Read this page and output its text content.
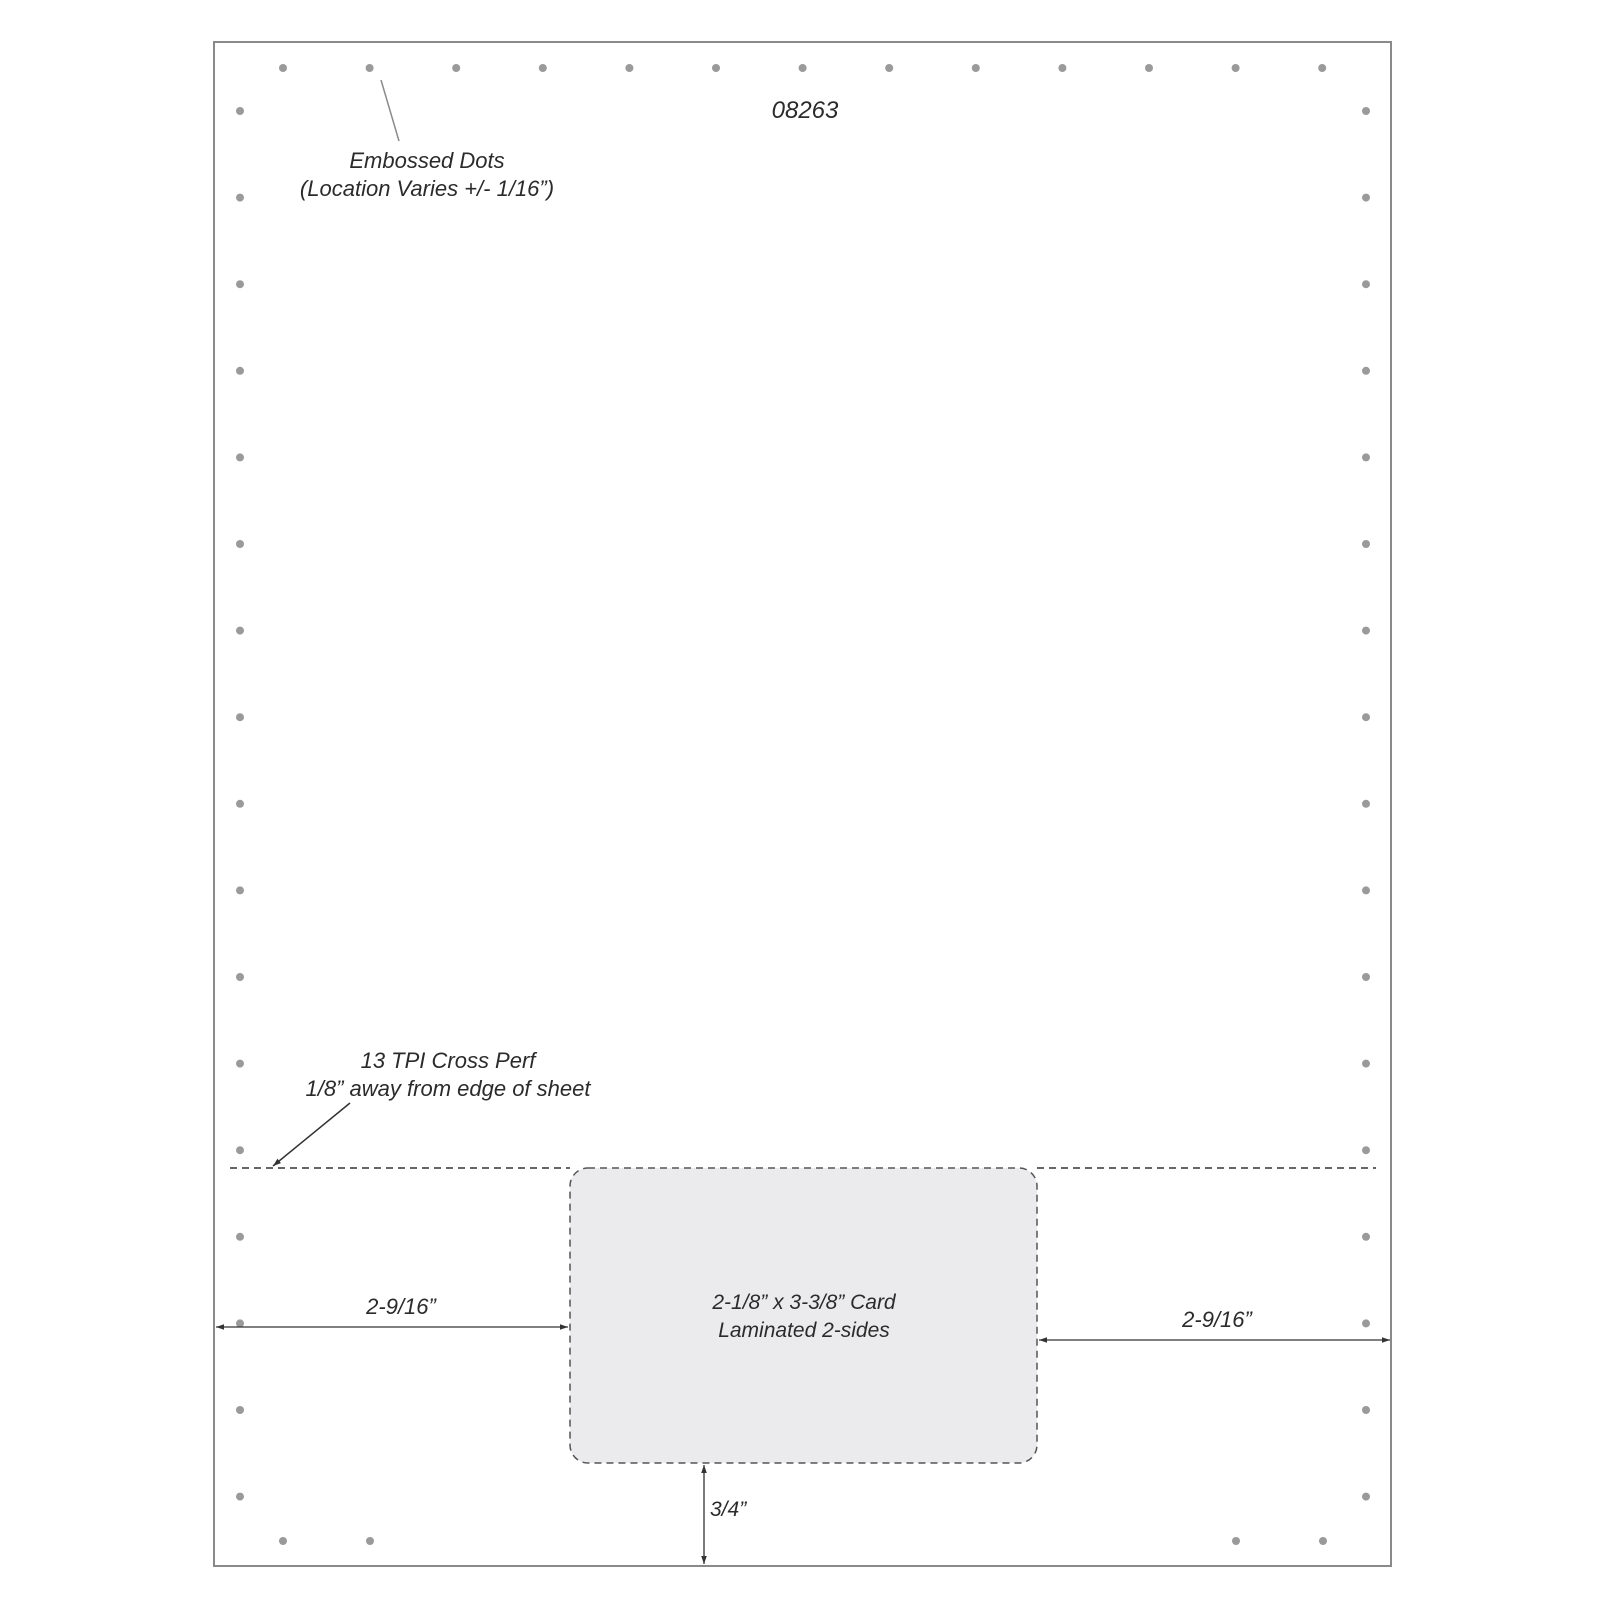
08263
Embossed Dots
(Location Varies +/- 1/16”)
13 TPI Cross Perf
1/8” away from edge of sheet
2-1/8” x 3-3/8” Card
Laminated 2-sides
2-9/16”
2-9/16”
3/4”
